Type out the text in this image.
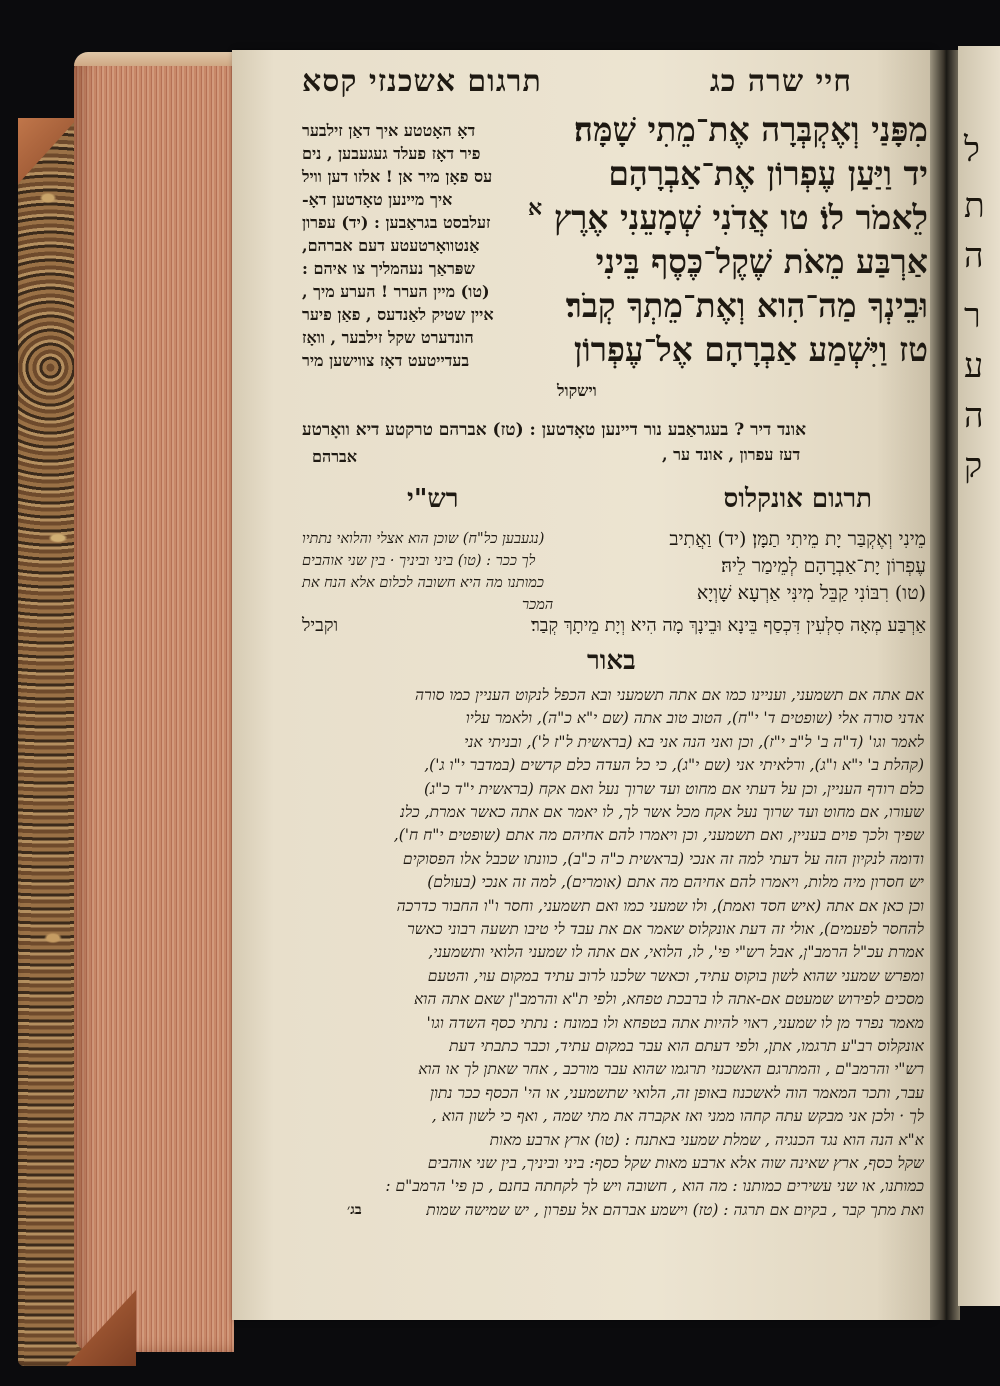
חיי שרה כג
תרגום אשכנזי קסא
מִפָּנַי וְאֶקְבְּרָה אֶת־מֵתִי שָׁמָּה׃
יד וַיַּעַן עֶפְרוֹן אֶת־אַבְרָהָם
לֵאמֹר לוֹ׃ טו אֲדֹנִי שְׁמָעֵנִי אֶרֶץ
אַרְבַּע מֵאֹת שֶׁקֶל־כֶּסֶף בֵּינִי
וּבֵינְךָ מַה־הִוא וְאֶת־מֵתְךָ קְבֹר׃
טז וַיִּשְׁמַע אַבְרָהָם אֶל־עֶפְרוֹן
וישקול
דאָ האָטטע איך דאַן זילבער
פיר דאָז פעלד געגעבען , נים
עס פאָן מיר אן ! אלזו דען וויל
איך מיינען טאָדטען דאָ-
זעלבסט בגראַבען : (יד) עפרון
אַנטוואָרטעטע דעם אברהם,
שפּראַך נעהמליך צו איהם :
(טו) מיין הערר ! הערע מיך ,
איין שטיק לאַנדעס , פאַן פיער
הונדערט שקל זילבער , וואָז
בעדייטעט דאָז צווישען מיר
א
אונד דיר ? בעגראַבע נור דיינען טאָדטען : (טז) אברהם טרקטע דיא וואָרטע
דעז עפרון , אונד ער ,
אברהם
תרגום אונקלוס
מֵינִי וְאֶקְבַּר יָת מֵיתִי תַמָּן׃ (יד) וַאֲתִיב
עֶפְרוֹן יָת־אַבְרָהָם לְמֵימַר לֵיהּ׃
(טו) רִבּוֹנִי קַבֵּל מִינִּי אַרְעָא שָׁוְיָא
אַרְבַּע מְאָה סִלְעִין דִּכְסַף בֵּינָא וּבֵינָךְ מָה הִיא וְיָת מֵיתָךְ קְבַר׃
וקביל
רש"י
(נגעבען כל"ח) שוכן הוא אצלי והלואי נתתיו
לך ככר : (טו) ביני וביניך · בין שני אוהבים
כמותנו מה היא חשובה לכלום אלא הנח את
המכר
באור
אם אתה אם תשמעני, ועניינו כמו אם אתה תשמעני ובא הכפל לנקוט העניין כמו סורה
אדני סורה אלי (שופטים ד' י"ח), הטוב טוב אתה (שם י"א כ"ה), ולאמר עליו
לאמר וגו' (ד"ה ב' ל"ב י"ז), וכן ואני הנה אני בא (בראשית ל"ז ל'), ובניתי אני
(קהלת ב' י"א ו"ג), ורלאיתי אני (שם י"ג), כי כל העדה כלם קדשים (במדבר י"ו ג'),
כלם רודף העניין, וכן על דעתי אם מחוט ועד שרוך נעל ואם אקח (בראשית י"ד כ"ג)
שעורו, אם מחוט ועד שרוך נעל אקח מכל אשר לך, לו יאמר אם אתה כאשר אמרת, כלנ
שפיך ולכך פוים בעניין, ואם תשמעני, וכן ויאמרו להם אחיהם מה אתם (שופטים י"ח ח'),
ודומה לנקיון הזה על דעתי למה זה אנכי (בראשית כ"ה כ"ב), כוונתו שכבל אלו הפסוקים
יש חסרון מיה מלות, ויאמרו להם אחיהם מה אתם (אומרים), למה זה אנכי (בעולם)
וכן כאן אם אתה (איש חסד ואמת), ולו שמעני כמו ואם תשמעני, וחסר ו"ו החבור כדרכה
להחסר לפעמים), אולי זה דעת אונקלוס שאמר אם את עבד לי טיבו תשעה רבוני כאשר
אמרת עכ"ל הרמב"ן, אבל רש"י פי', לו, הלואי, אם אתה לו שמעני הלואי ותשמעני,
ומפרש שמעני שהוא לשון בוקוס עתיד, וכאשר שלכנו לרוב עתיד במקום עוי, והטעם
מסכים לפירוש שמעטם אם-אתה לו ברבכת טפחא, ולפי ת"א והרמב"ן שאם אתה הוא
מאמר נפרד מן לו שמעני, ראוי להיות אתה בטפחא ולו במונח : נתתי כסף השדה וגו'
אונקלוס רב"ע תרגמו, אתן, ולפי דעתם הוא עבר במקום עתיד, וכבר כתבתי דעת
רש"י והרמב"ם , והמתרגם האשכנזי תרגמו שהוא עבר מורכב , אחר שאתן לך או הוא
עבר, ותכר המאמר הוה לאשכנוז באופן זה, הלואי שתשמעני, או הי' הכסף ככר נתון
לך · ולכן אני מבקש עתה קחהו ממני ואז אקברה את מתי שמה , ואף כי לשון הוא ,
א"א הנה הוא נגד הכנגיה , שמלת שמעני באתנח : (טו) ארץ ארבע מאות
שקל כסף, ארץ שאינה שוה אלא ארבע מאות שקל כסף: ביני וביניך, בין שני אוהבים
כמותנו, או שני עשירים כמותנו : מה הוא , חשובה ויש לך לקחתה בחנם , כן פי' הרמב"ם :
ואת מתך קבר , בקיום אם תרגה : (טז) וישמע אברהם אל עפרון , יש שמישה שמות
בג׳
ל
ת
ה
ר
ע
ה
ק
